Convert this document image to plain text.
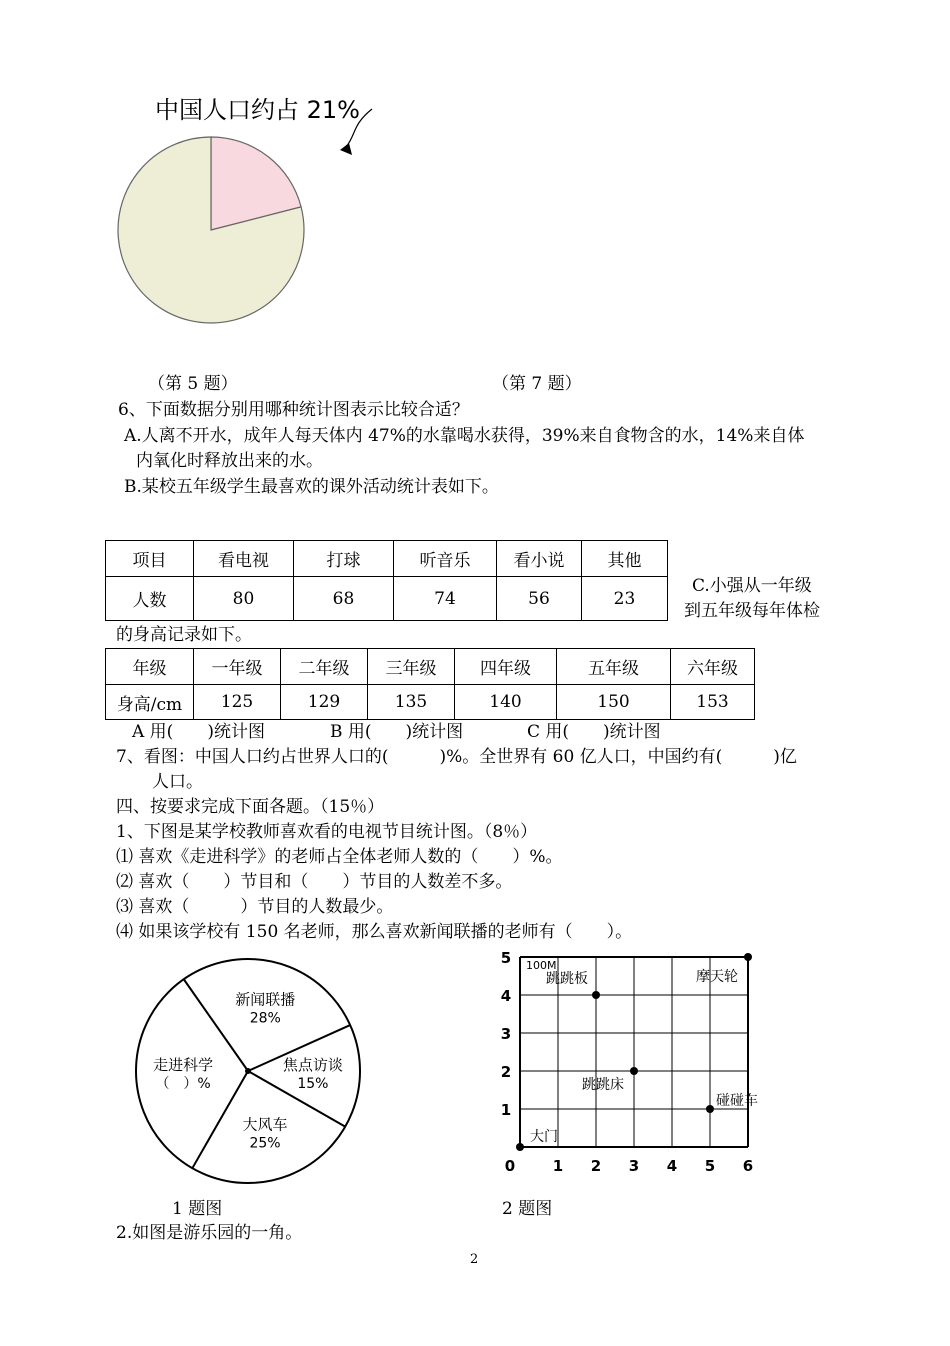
中国人口约占 21%
（第 5 题）	（第 7 题）
6、下面数据分别用哪种统计图表示比较合适？
A.人离不开水，成年人每天体内 47%的水靠喝水获得，39%来自食物含的水，14%来自体
内氧化时释放出来的水。
B.某校五年级学生最喜欢的课外活动统计表如下。
项目	看电视	打球	听音乐	看小说	其他
人数	80	68	74	56	23
C.小强从一年级
到五年级每年体检
的身高记录如下。
年级	一年级	二年级	三年级	四年级	五年级	六年级
身高/cm	125	129	135	140	150	153
A 用(　　)统计图	B 用(　　)统计图	C 用(　　)统计图
7、看图：中国人口约占世界人口的(　　　)%。全世界有 60 亿人口，中国约有(　　　)亿
人口。
四、按要求完成下面各题。（15％）
1、下图是某学校教师喜欢看的电视节目统计图。（8％）
⑴ 喜欢《走进科学》的老师占全体老师人数的（　　）%。
⑵ 喜欢（　　）节目和（　　）节目的人数差不多。
⑶ 喜欢（　　　）节目的人数最少。
⑷ 如果该学校有 150 名老师，那么喜欢新闻联播的老师有（　　）。
新闻联播
28%
焦点访谈
15%
大风车
25%
走进科学
（　）%
1 题图
0	1 2 3 4 5 6
1
2
3
4
5 100M
跳跳板	摩天轮
跳跳床
碰碰车
大门
2 题图
2.如图是游乐园的一角。
2
